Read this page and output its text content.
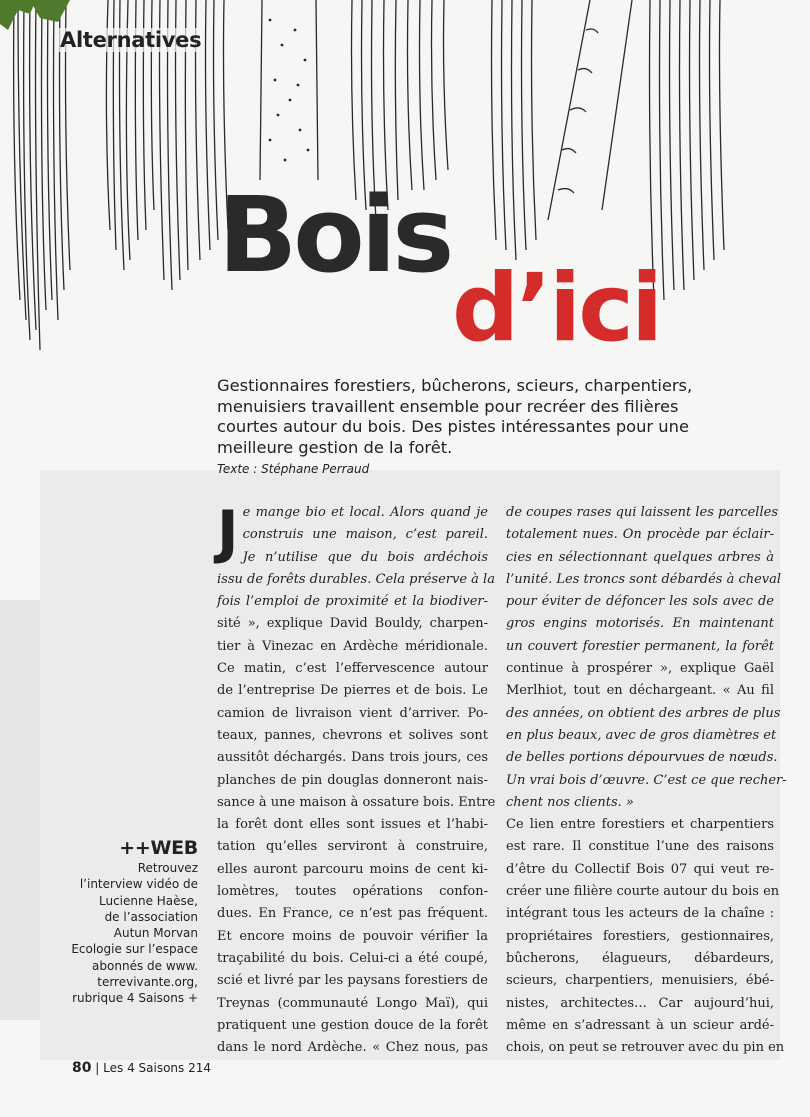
Alternatives
Bois
d’ici
Gestionnaires forestiers, bûcherons, scieurs, charpentiers, menuisiers travaillent ensemble pour recréer des filières courtes autour du bois. Des pistes intéressantes pour une meilleure gestion de la forêt.
Texte : Stéphane Perraud
J e mange bio et local. Alors quand je
construis une maison, c’est pareil.
Je n’utilise que du bois ardéchois
issu de forêts durables. Cela préserve à la
fois l’emploi de proximité et la biodiver-
sité », explique David Bouldy, charpen-
tier à Vinezac en Ardèche méridionale.
Ce matin, c’est l’effervescence autour
de l’entreprise De pierres et de bois. Le
camion de livraison vient d’arriver. Po-
teaux, pannes, chevrons et solives sont
aussitôt déchargés. Dans trois jours, ces
planches de pin douglas donneront nais-
sance à une maison à ossature bois. Entre
la forêt dont elles sont issues et l’habi-
tation qu’elles serviront à construire,
elles auront parcouru moins de cent ki-
lomètres, toutes opérations confon-
dues. En France, ce n’est pas fréquent.
Et encore moins de pouvoir vérifier la
traçabilité du bois. Celui-ci a été coupé,
scié et livré par les paysans forestiers de
Treynas (communauté Longo Maï), qui
pratiquent une gestion douce de la forêt
dans le nord Ardèche. « Chez nous, pas
de coupes rases qui laissent les parcelles
totalement nues. On procède par éclair-
cies en sélectionnant quelques arbres à
l’unité. Les troncs sont débardés à cheval
pour éviter de défoncer les sols avec de
gros engins motorisés. En maintenant
un couvert forestier permanent, la forêt
continue à prospérer », explique Gaël
Merlhiot, tout en déchargeant. « Au fil
des années, on obtient des arbres de plus
en plus beaux, avec de gros diamètres et
de belles portions dépourvues de nœuds.
Un vrai bois d’œuvre. C’est ce que recher-
chent nos clients. »
Ce lien entre forestiers et charpentiers
est rare. Il constitue l’une des raisons
d’être du Collectif Bois 07 qui veut re-
créer une filière courte autour du bois en
intégrant tous les acteurs de la chaîne :
propriétaires forestiers, gestionnaires,
bûcherons, élagueurs, débardeurs,
scieurs, charpentiers, menuisiers, ébé-
nistes, architectes… Car aujourd’hui,
même en s’adressant à un scieur ardé-
chois, on peut se retrouver avec du pin en
++WEB
Retrouvez
l’interview vidéo de
Lucienne Haèse,
de l’association
Autun Morvan
Ecologie sur l’espace
abonnés de www.
terrevivante.org,
rubrique 4 Saisons +
80 | Les 4 Saisons 214
